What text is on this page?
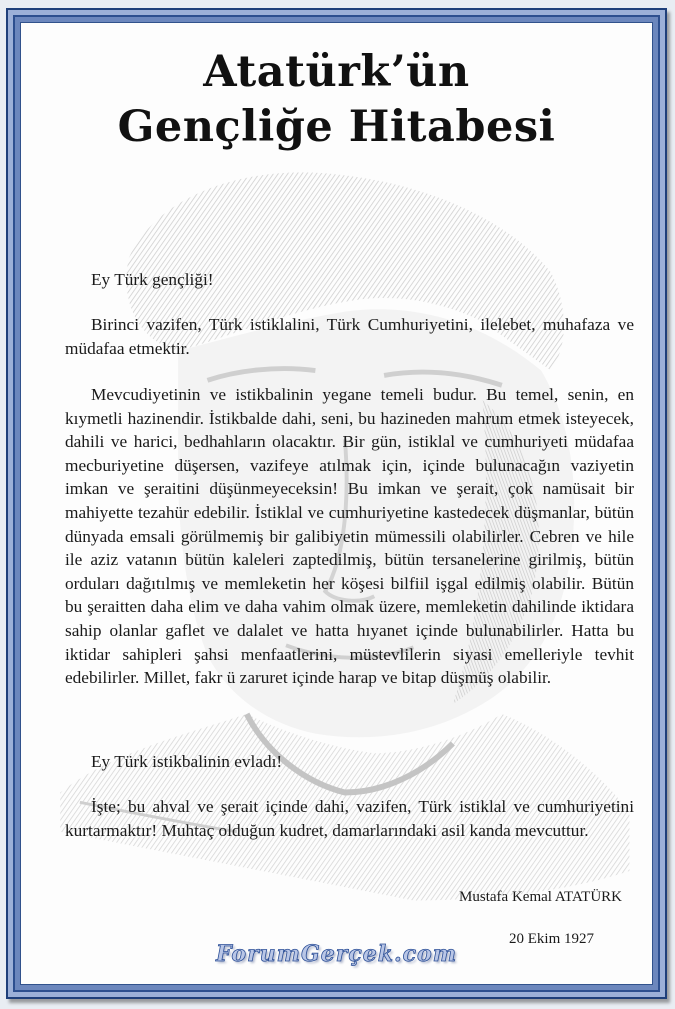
Atatürk’ün
Gençliğe Hitabesi

Ey Türk gençliği!

Birinci vazifen, Türk istiklalini, Türk Cumhuriyetini, ilelebet, muhafaza ve müdafaa etmektir.

Mevcudiyetinin ve istikbalinin yegane temeli budur. Bu temel, senin, en kıymetli hazinendir. İstikbalde dahi, seni, bu hazineden mahrum etmek isteyecek, dahili ve harici, bedhahların olacaktır. Bir gün, istiklal ve cumhuriyeti müdafaa mecburiyetine düşersen, vazifeye atılmak için, içinde bulunacağın vaziyetin imkan ve şeraitini düşünmeyeceksin! Bu imkan ve şerait, çok namüsait bir mahiyette tezahür edebilir. İstiklal ve cumhuriyetine kastedecek düşmanlar, bütün dünyada emsali görülmemiş bir galibiyetin mümessili olabilirler. Cebren ve hile ile aziz vatanın bütün kaleleri zaptedilmiş, bütün tersanelerine girilmiş, bütün orduları dağıtılmış ve memleketin her köşesi bilfiil işgal edilmiş olabilir. Bütün bu şeraitten daha elim ve daha vahim olmak üzere, memleketin dahilinde iktidara sahip olanlar gaflet ve dalalet ve hatta hıyanet içinde bulunabilirler. Hatta bu iktidar sahipleri şahsi menfaatlerini, müstevlilerin siyasi emelleriyle tevhit edebilirler. Millet, fakr ü zaruret içinde harap ve bitap düşmüş olabilir.

Ey Türk istikbalinin evladı!

İşte; bu ahval ve şerait içinde dahi, vazifen, Türk istiklal ve cumhuriyetini kurtarmaktır! Muhtaç olduğun kudret, damarlarındaki asil kanda mevcuttur.

Mustafa Kemal ATATÜRK

20 Ekim 1927

ForumGerçek.com
